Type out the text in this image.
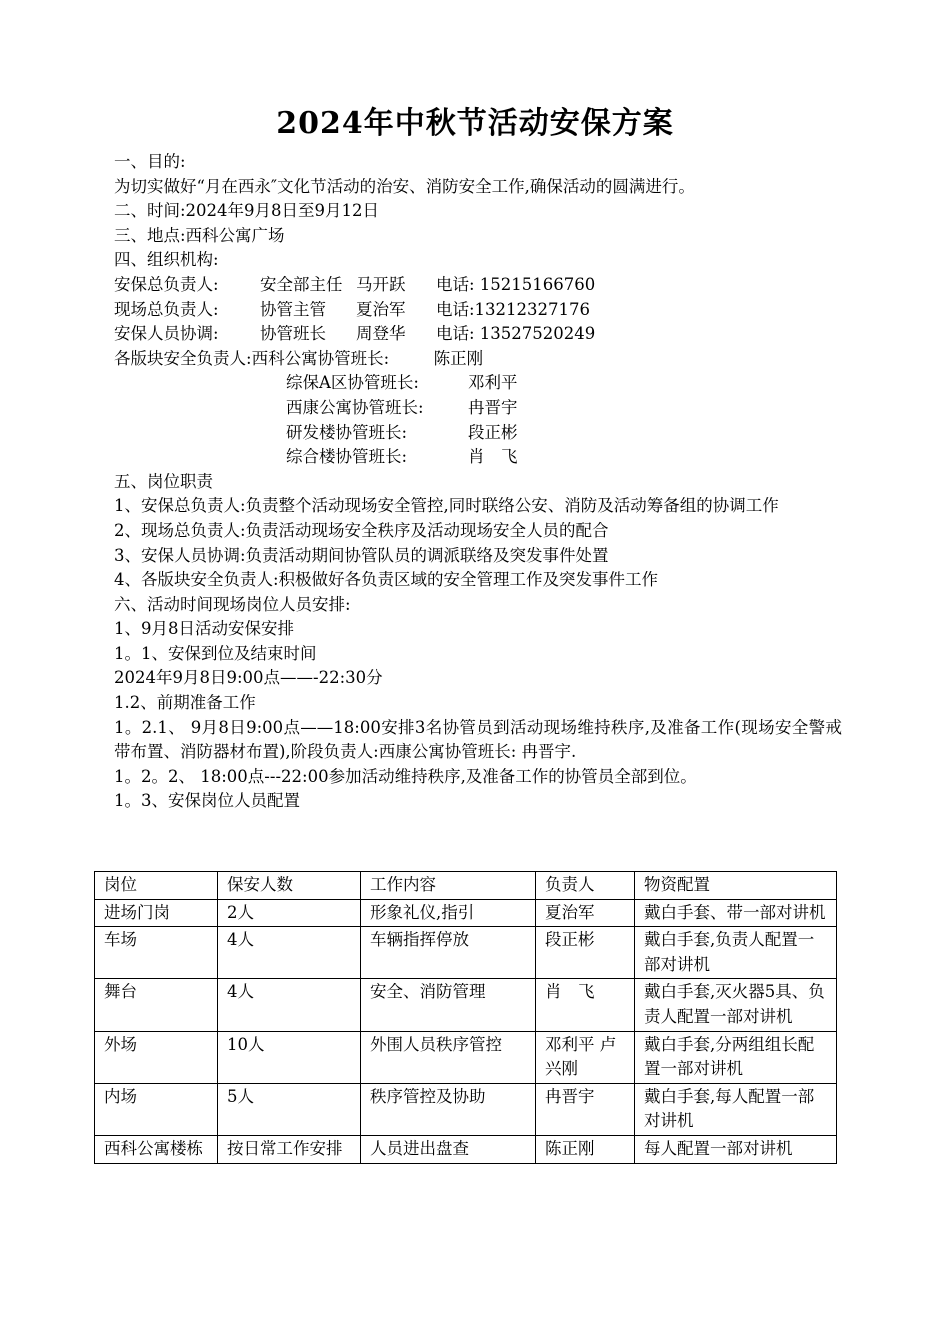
2024年中秋节活动安保方案
一、目的:
为切实做好“月在西永″文化节活动的治安、消防安全工作,确保活动的圆满进行。
二、时间:2024年9月8日至9月12日
三、地点:西科公寓广场
四、组织机构:
安保总负责人:	安全部主任 马开跃 电话: 15215166760
现场总负责人:	协管主管 夏治军 电话:13212327176
安保人员协调:	协管班长 周登华 电话: 13527520249
各版块安全负责人:西科公寓协管班长:	陈正刚
综保A区协管班长:	邓利平
西康公寓协管班长:	冉晋宇
研发楼协管班长:	段正彬
综合楼协管班长:	肖　飞
五、岗位职责
1、安保总负责人:负责整个活动现场安全管控,同时联络公安、消防及活动筹备组的协调工作
2、现场总负责人:负责活动现场安全秩序及活动现场安全人员的配合
3、安保人员协调:负责活动期间协管队员的调派联络及突发事件处置
4、各版块安全负责人:积极做好各负责区域的安全管理工作及突发事件工作
六、活动时间现场岗位人员安排:
1、9月8日活动安保安排
1。1、安保到位及结束时间
2024年9月8日9:00点——-22:30分
1.2、前期准备工作
1。2.1、 9月8日9:00点——18:00安排3名协管员到活动现场维持秩序,及准备工作(现场安全警戒带布置、消防器材布置),阶段负责人:西康公寓协管班长: 冉晋宇.
1。2。2、 18:00点---22:00参加活动维持秩序,及准备工作的协管员全部到位。
1。3、安保岗位人员配置
岗位	保安人数	工作内容	负责人	物资配置
进场门岗	2人	形象礼仪,指引	夏治军	戴白手套、带一部对讲机
车场	4人	车辆指挥停放	段正彬	戴白手套,负责人配置一部对讲机
舞台	4人	安全、消防管理	肖　飞	戴白手套,灭火器5具、负责人配置一部对讲机
外场	10人	外围人员秩序管控	邓利平 卢兴刚	戴白手套,分两组组长配置一部对讲机
内场	5人	秩序管控及协助	冉晋宇	戴白手套,每人配置一部对讲机
西科公寓楼栋	按日常工作安排	人员进出盘查	陈正刚	每人配置一部对讲机
